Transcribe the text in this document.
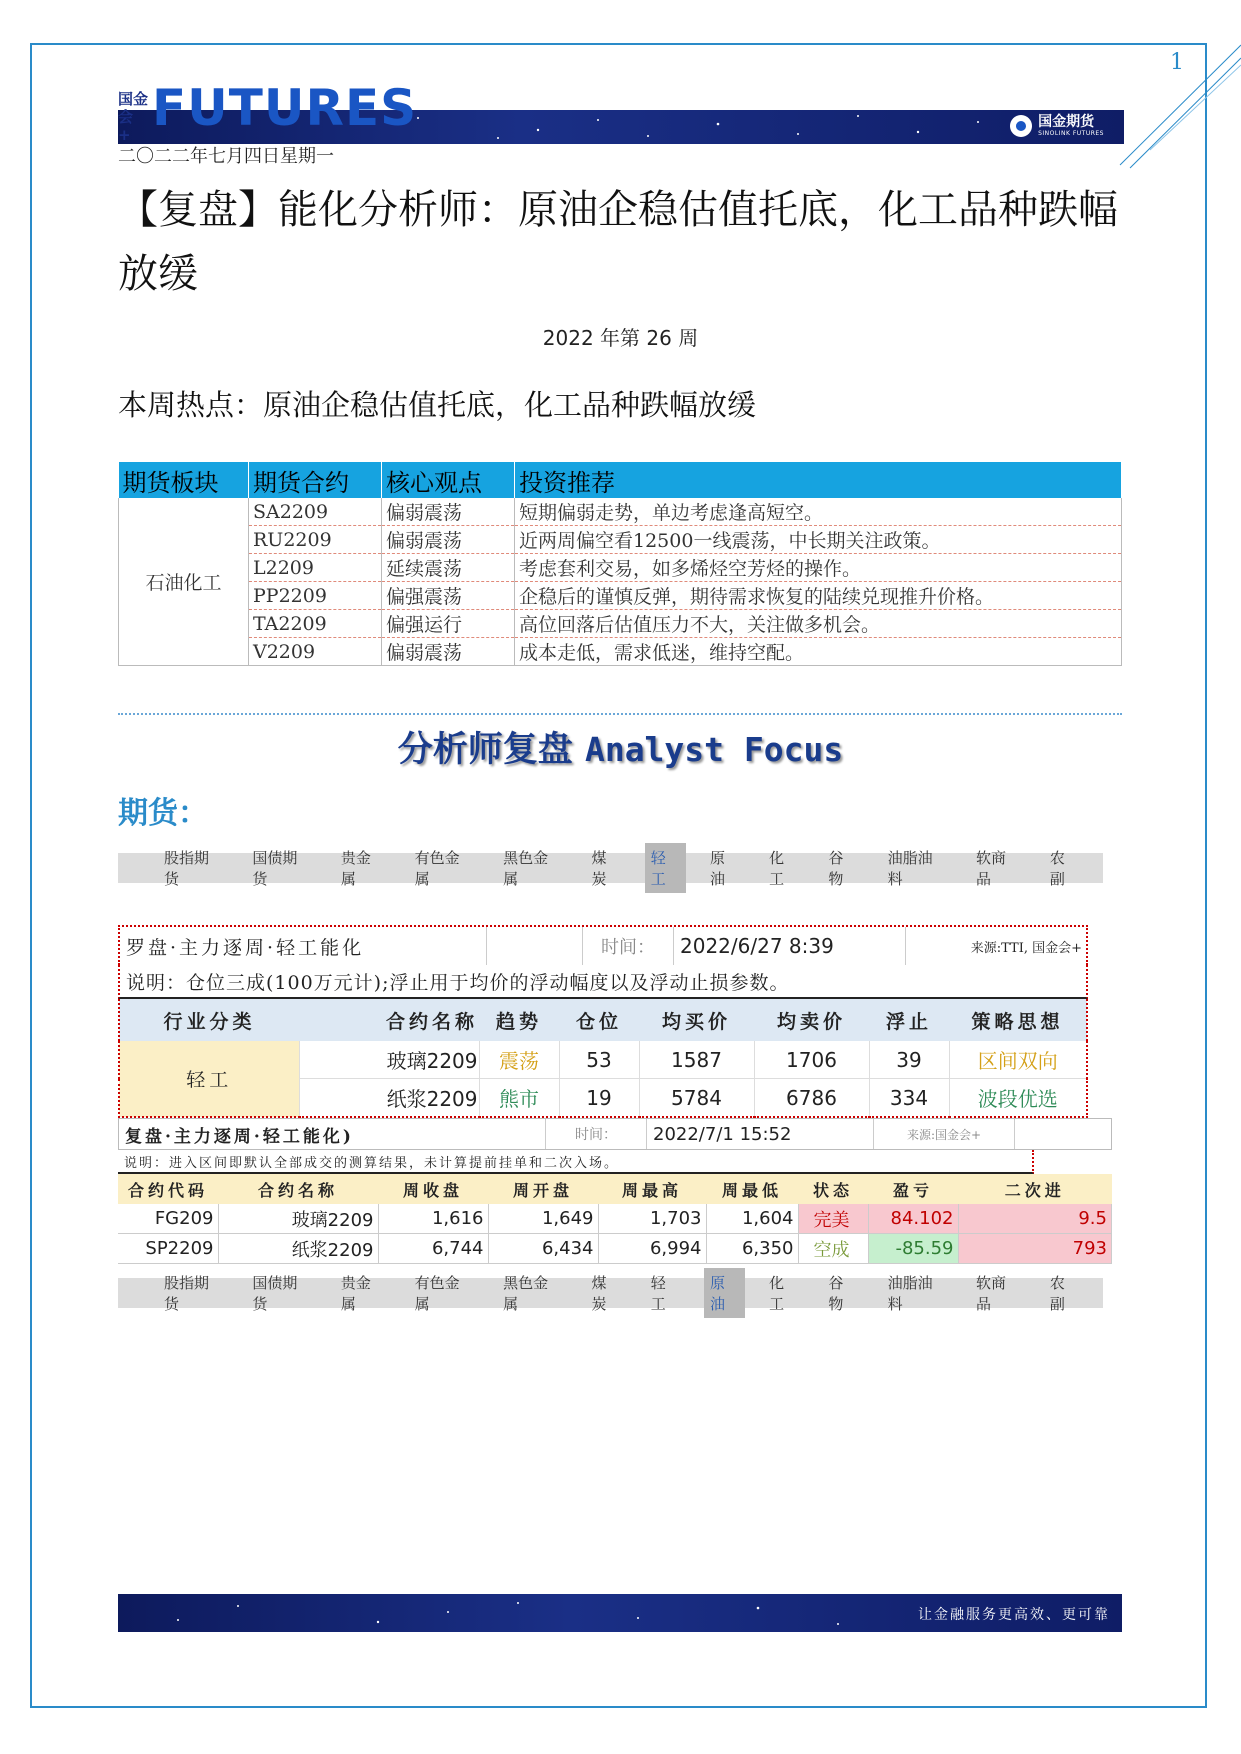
1
国金期货
SINOLINK FUTURES
国金会 + FUTURES
二〇二二年七月四日星期一
【复盘】能化分析师：原油企稳估值托底，化工品种跌幅放缓
2022 年第 26 周
本周热点：原油企稳估值托底，化工品种跌幅放缓
期货板块	期货合约	核心观点	投资推荐
石油化工	SA2209	偏弱震荡	短期偏弱走势，单边考虑逢高短空。
	RU2209	偏弱震荡	近两周偏空看12500一线震荡，中长期关注政策。
	L2209	延续震荡	考虑套利交易，如多烯烃空芳烃的操作。
	PP2209	偏强震荡	企稳后的谨慎反弹，期待需求恢复的陆续兑现推升价格。
	TA2209	偏强运行	高位回落后估值压力不大，关注做多机会。
	V2209	偏弱震荡	成本走低，需求低迷，维持空配。
分析师复盘 Analyst Focus
期货：
股指期货
国债期货
贵金属
有色金属
黑色金属
煤炭
轻工
原油
化工
谷物
油脂油料
软商品
农副
罗盘·主力逐周·轻工能化	时间：	2022/6/27 8:39	来源:TTI, 国金会+
说明：仓位三成(100万元计);浮止用于均价的浮动幅度以及浮动止损参数。
行业分类	合约名称	趋势	仓位	均买价	均卖价	浮止	策略思想
轻工	玻璃2209	震荡	53	1587	1706	39	区间双向
	纸浆2209	熊市	19	5784	6786	334	波段优选
复盘·主力逐周·轻工能化)	时间：	2022/7/1 15:52	来源:国金会+
说明：进入区间即默认全部成交的测算结果，未计算提前挂单和二次入场。
合约代码	合约名称	周收盘	周开盘	周最高	周最低	状态	盈亏	二次进
FG209	玻璃2209	1,616	1,649	1,703	1,604	完美	84.102	9.5
SP2209	纸浆2209	6,744	6,434	6,994	6,350	空成	-85.59	793
股指期货
国债期货
贵金属
有色金属
黑色金属
煤炭
轻工
原油
化工
谷物
油脂油料
软商品
农副
让金融服务更高效、更可靠
